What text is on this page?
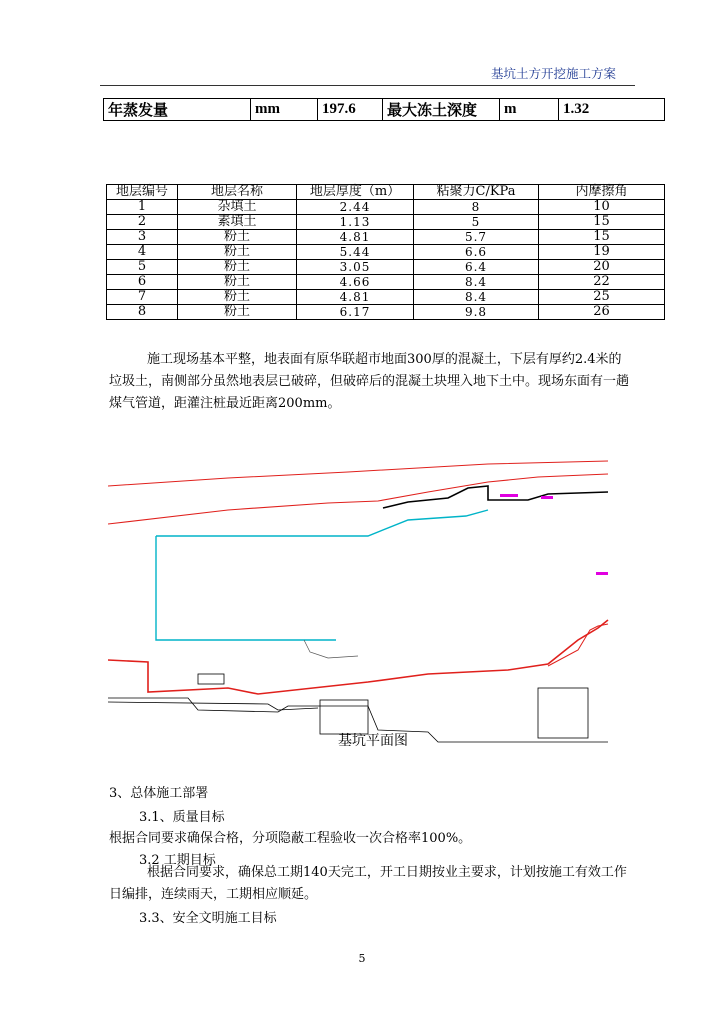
基坑土方开挖施工方案
年蒸发量	mm	197.6	最大冻土深度	m	1.32
地层编号	地层名称	地层厚度（m）	粘聚力C/KPa	内摩擦角
1	杂填土	2.44	8	10
2	素填土	1.13	5	15
3	粉土	4.81	5.7	15
4	粉土	5.44	6.6	19
5	粉土	3.05	6.4	20
6	粉土	4.66	8.4	22
7	粉土	4.81	8.4	25
8	粉土	6.17	9.8	26
施工现场基本平整，地表面有原华联超市地面300厚的混凝土，下层有厚约2.4米的垃圾土，南侧部分虽然地表层已破碎，但破碎后的混凝土块埋入地下土中。现场东面有一趟煤气管道，距灌注桩最近距离200mm。
基坑平面图
3、总体施工部署
3.1、质量目标
根据合同要求确保合格，分项隐蔽工程验收一次合格率100%。
3.2 工期目标
根据合同要求，确保总工期140天完工，开工日期按业主要求，计划按施工有效工作日编排，连续雨天，工期相应顺延。
3.3、安全文明施工目标
5
